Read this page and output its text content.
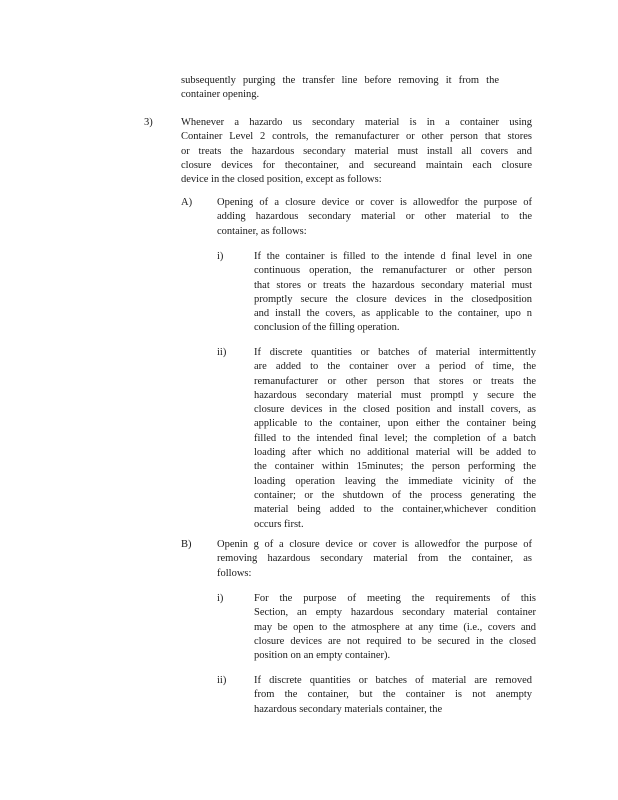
subsequently purging the transfer line before removing it from the
container opening.
3)	Whenever a hazardo us secondary material is in a container using
Container Level 2 controls, the remanufacturer or other person that stores
or treats the hazardous secondary material must install all covers and
closure devices for thecontainer, and secureand maintain each closure
device in the closed position, except as follows:
A) Opening of a closure device or cover is allowedfor the purpose of
adding hazardous secondary material or other material to the
container, as follows:
i)	If the container is filled to the intende d final level in one
continuous operation, the remanufacturer or other person
that stores or treats the hazardous secondary material must
promptly secure the closure devices in the closedposition
and install the covers, as applicable to the container, upo n
conclusion of the filling operation.
ii)	If discrete quantities or batches of material intermittently
are added to the container over a period of time, the
remanufacturer or other person that stores or treats the
hazardous secondary material must promptl y secure the
closure devices in the closed position and install covers, as
applicable to the container, upon either the container being
filled to the intended final level; the completion of a batch
loading after which no additional material will be added to
the container within 15minutes; the person performing the
loading operation leaving the immediate vicinity of the
container; or the shutdown of the process generating the
material being added to the container,whichever condition
occurs first.
B) Openin g of a closure device or cover is allowedfor the purpose of
removing hazardous secondary material from the container, as
follows:
i)	For the purpose of meeting the requirements of this
Section, an empty hazardous secondary material container
may be open to the atmosphere at any time (i.e., covers and
closure devices are not required to be secured in the closed
position on an empty container).
ii)	If discrete quantities or batches of material are removed
from the container, but the container is not anempty
hazardous secondary materials container, the
